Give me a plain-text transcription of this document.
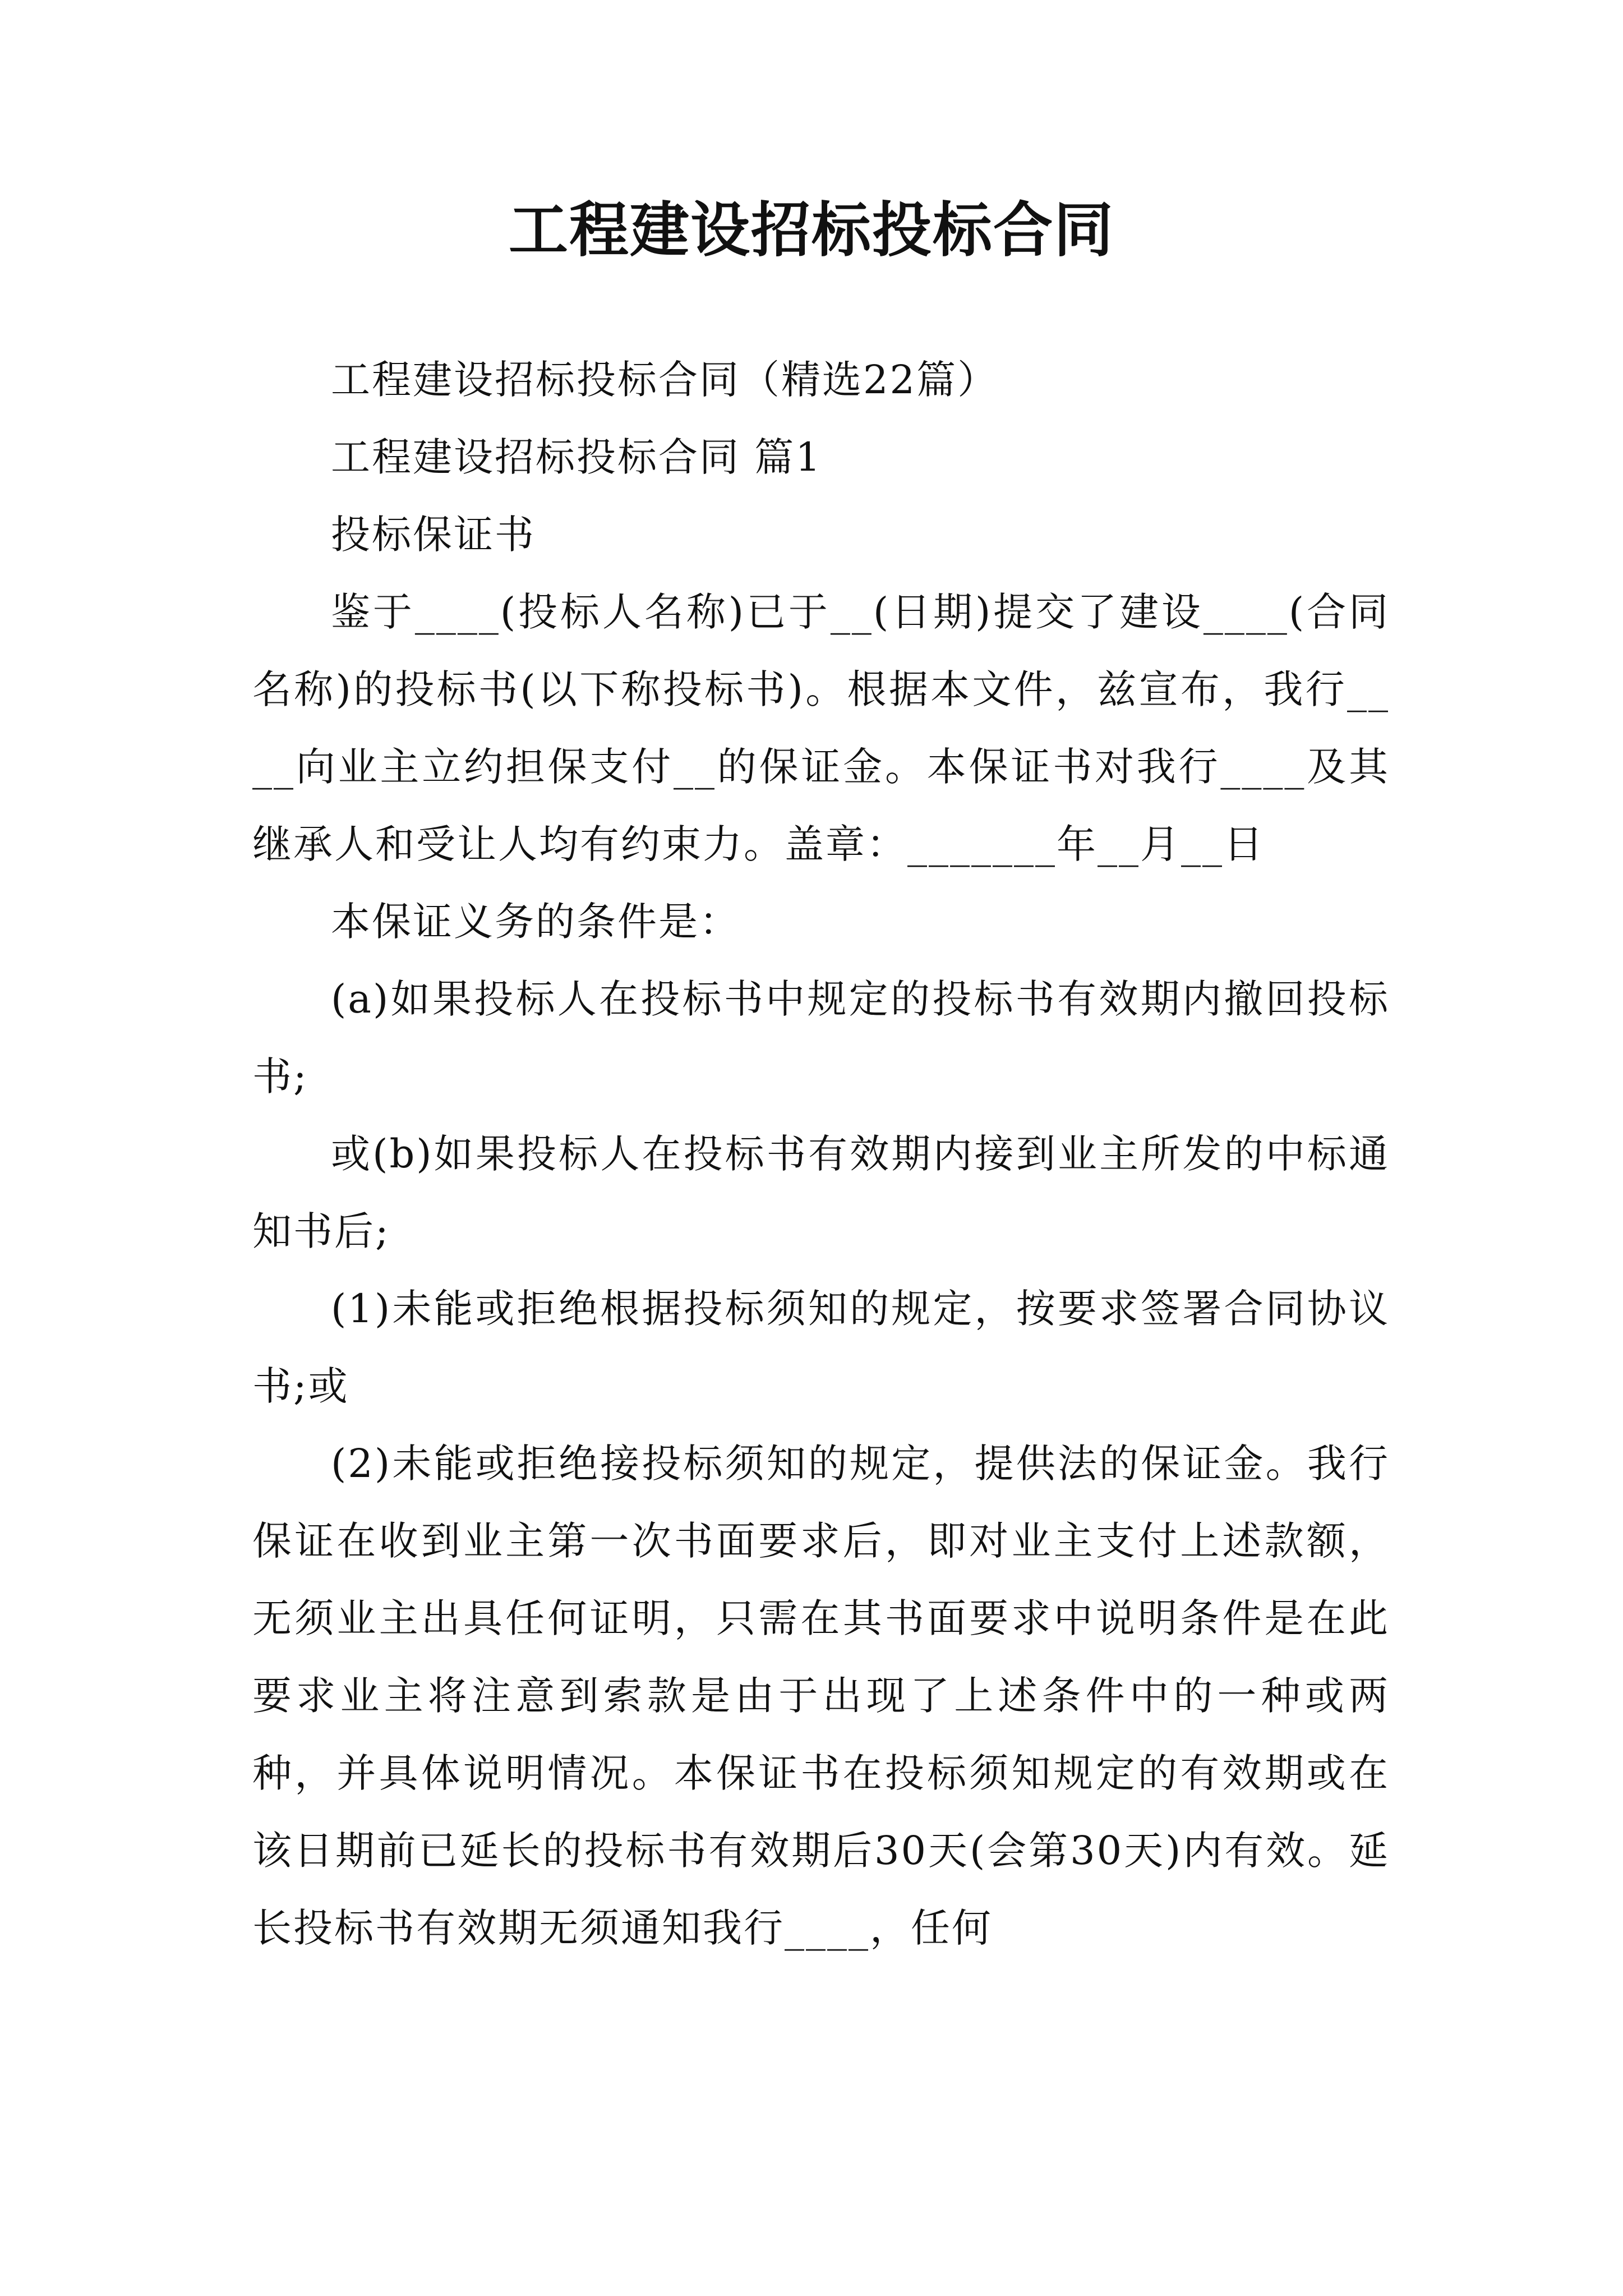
工程建设招标投标合同

工程建设招标投标合同（精选22篇）

工程建设招标投标合同 篇1

投标保证书

鉴于____(投标人名称)已于__(日期)提交了建设____(合同名称)的投标书(以下称投标书)。根据本文件，兹宣布，我行____向业主立约担保支付__的保证金。本保证书对我行____及其继承人和受让人均有约束力。盖章：_______年__月__日

本保证义务的条件是：

(a)如果投标人在投标书中规定的投标书有效期内撤回投标书;

或(b)如果投标人在投标书有效期内接到业主所发的中标通知书后;

(1)未能或拒绝根据投标须知的规定，按要求签署合同协议书;或

(2)未能或拒绝接投标须知的规定，提供法的保证金。我行保证在收到业主第一次书面要求后，即对业主支付上述款额，无须业主出具任何证明，只需在其书面要求中说明条件是在此要求业主将注意到索款是由于出现了上述条件中的一种或两种，并具体说明情况。本保证书在投标须知规定的有效期或在该日期前已延长的投标书有效期后30天(会第30天)内有效。延长投标书有效期无须通知我行____，任何
